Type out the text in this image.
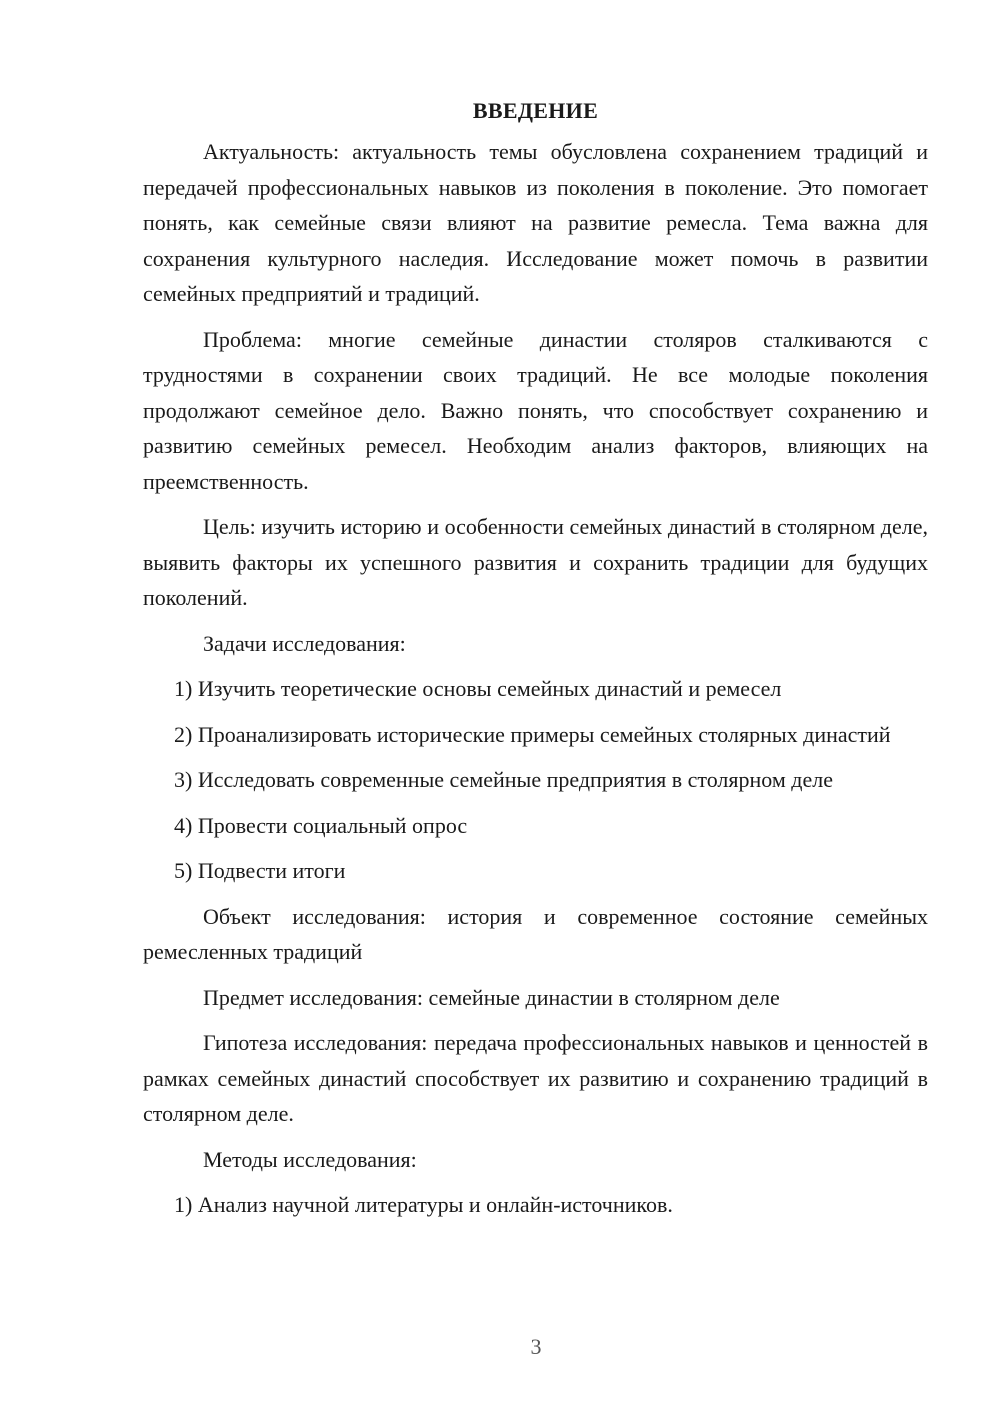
ВВЕДЕНИЕ

Актуальность: актуальность темы обусловлена сохранением традиций и передачей профессиональных навыков из поколения в поколение. Это помогает понять, как семейные связи влияют на развитие ремесла. Тема важна для сохранения культурного наследия. Исследование может помочь в развитии семейных предприятий и традиций.

Проблема: многие семейные династии столяров сталкиваются с трудностями в сохранении своих традиций. Не все молодые поколения продолжают семейное дело. Важно понять, что способствует сохранению и развитию семейных ремесел. Необходим анализ факторов, влияющих на преемственность.

Цель: изучить историю и особенности семейных династий в столярном деле, выявить факторы их успешного развития и сохранить традиции для будущих поколений.

Задачи исследования:

1) Изучить теоретические основы семейных династий и ремесел

2) Проанализировать исторические примеры семейных столярных династий

3) Исследовать современные семейные предприятия в столярном деле

4) Провести социальный опрос

5) Подвести итоги

Объект исследования: история и современное состояние семейных ремесленных традиций

Предмет исследования: семейные династии в столярном деле

Гипотеза исследования: передача профессиональных навыков и ценностей в рамках семейных династий способствует их развитию и сохранению традиций в столярном деле.

Методы исследования:

1) Анализ научной литературы и онлайн-источников.

3
